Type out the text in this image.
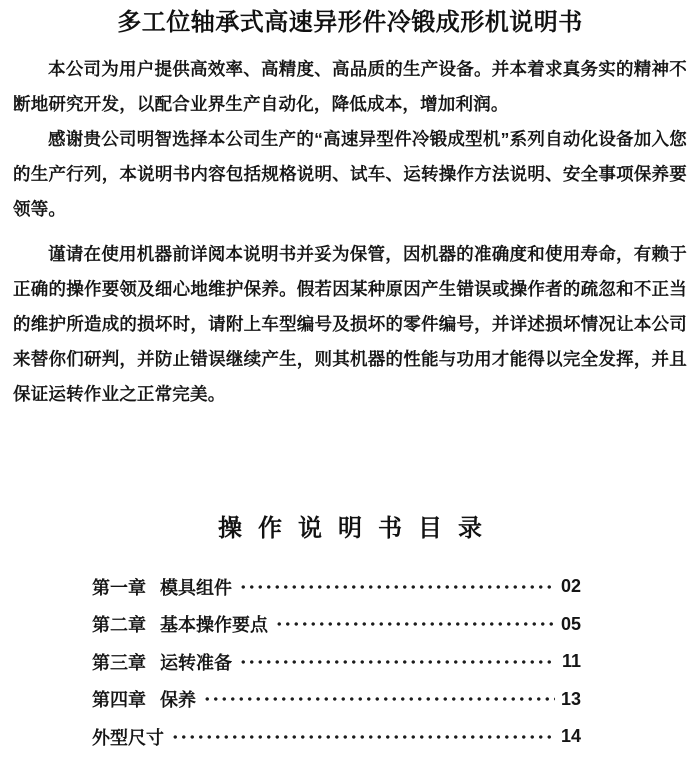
多工位轴承式高速异形件冷锻成形机说明书

本公司为用户提供高效率、高精度、高品质的生产设备。并本着求真务实的精神不断地研究开发，以配合业界生产自动化，降低成本，增加利润。

感谢贵公司明智选择本公司生产的“高速异型件冷锻成型机”系列自动化设备加入您的生产行列，本说明书内容包括规格说明、试车、运转操作方法说明、安全事项保养要领等。

谨请在使用机器前详阅本说明书并妥为保管，因机器的准确度和使用寿命，有赖于正确的操作要领及细心地维护保养。假若因某种原因产生错误或操作者的疏忽和不正当的维护所造成的损坏时，请附上车型编号及损坏的零件编号，并详述损坏情况让本公司来替你们研判，并防止错误继续产生，则其机器的性能与功用才能得以完全发挥，并且保证运转作业之正常完美。

操作说明书目录
第一章 模具组件	02
第二章 基本操作要点	05
第三章 运转准备	11
第四章 保养	13
外型尺寸	14
